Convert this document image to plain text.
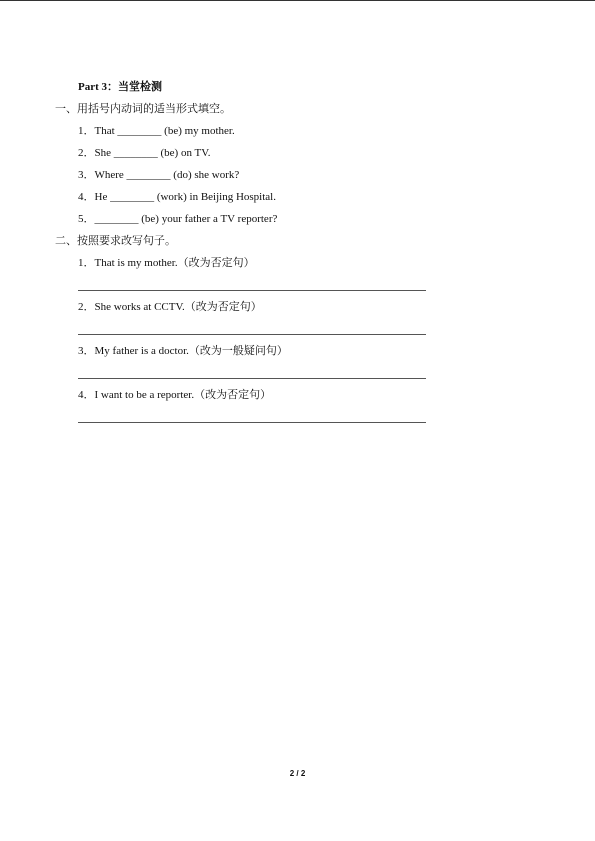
Part 3：当堂检测
一、用括号内动词的适当形式填空。
1．That ________ (be) my mother.
2．She ________ (be) on TV.
3．Where ________ (do) she work?
4．He ________ (work) in Beijing Hospital.
5．________ (be) your father a TV reporter?
二、按照要求改写句子。
1．That is my mother.（改为否定句）
2．She works at CCTV.（改为否定句）
3．My father is a doctor.（改为一般疑问句）
4．I want to be a reporter.（改为否定句）
2 / 2
